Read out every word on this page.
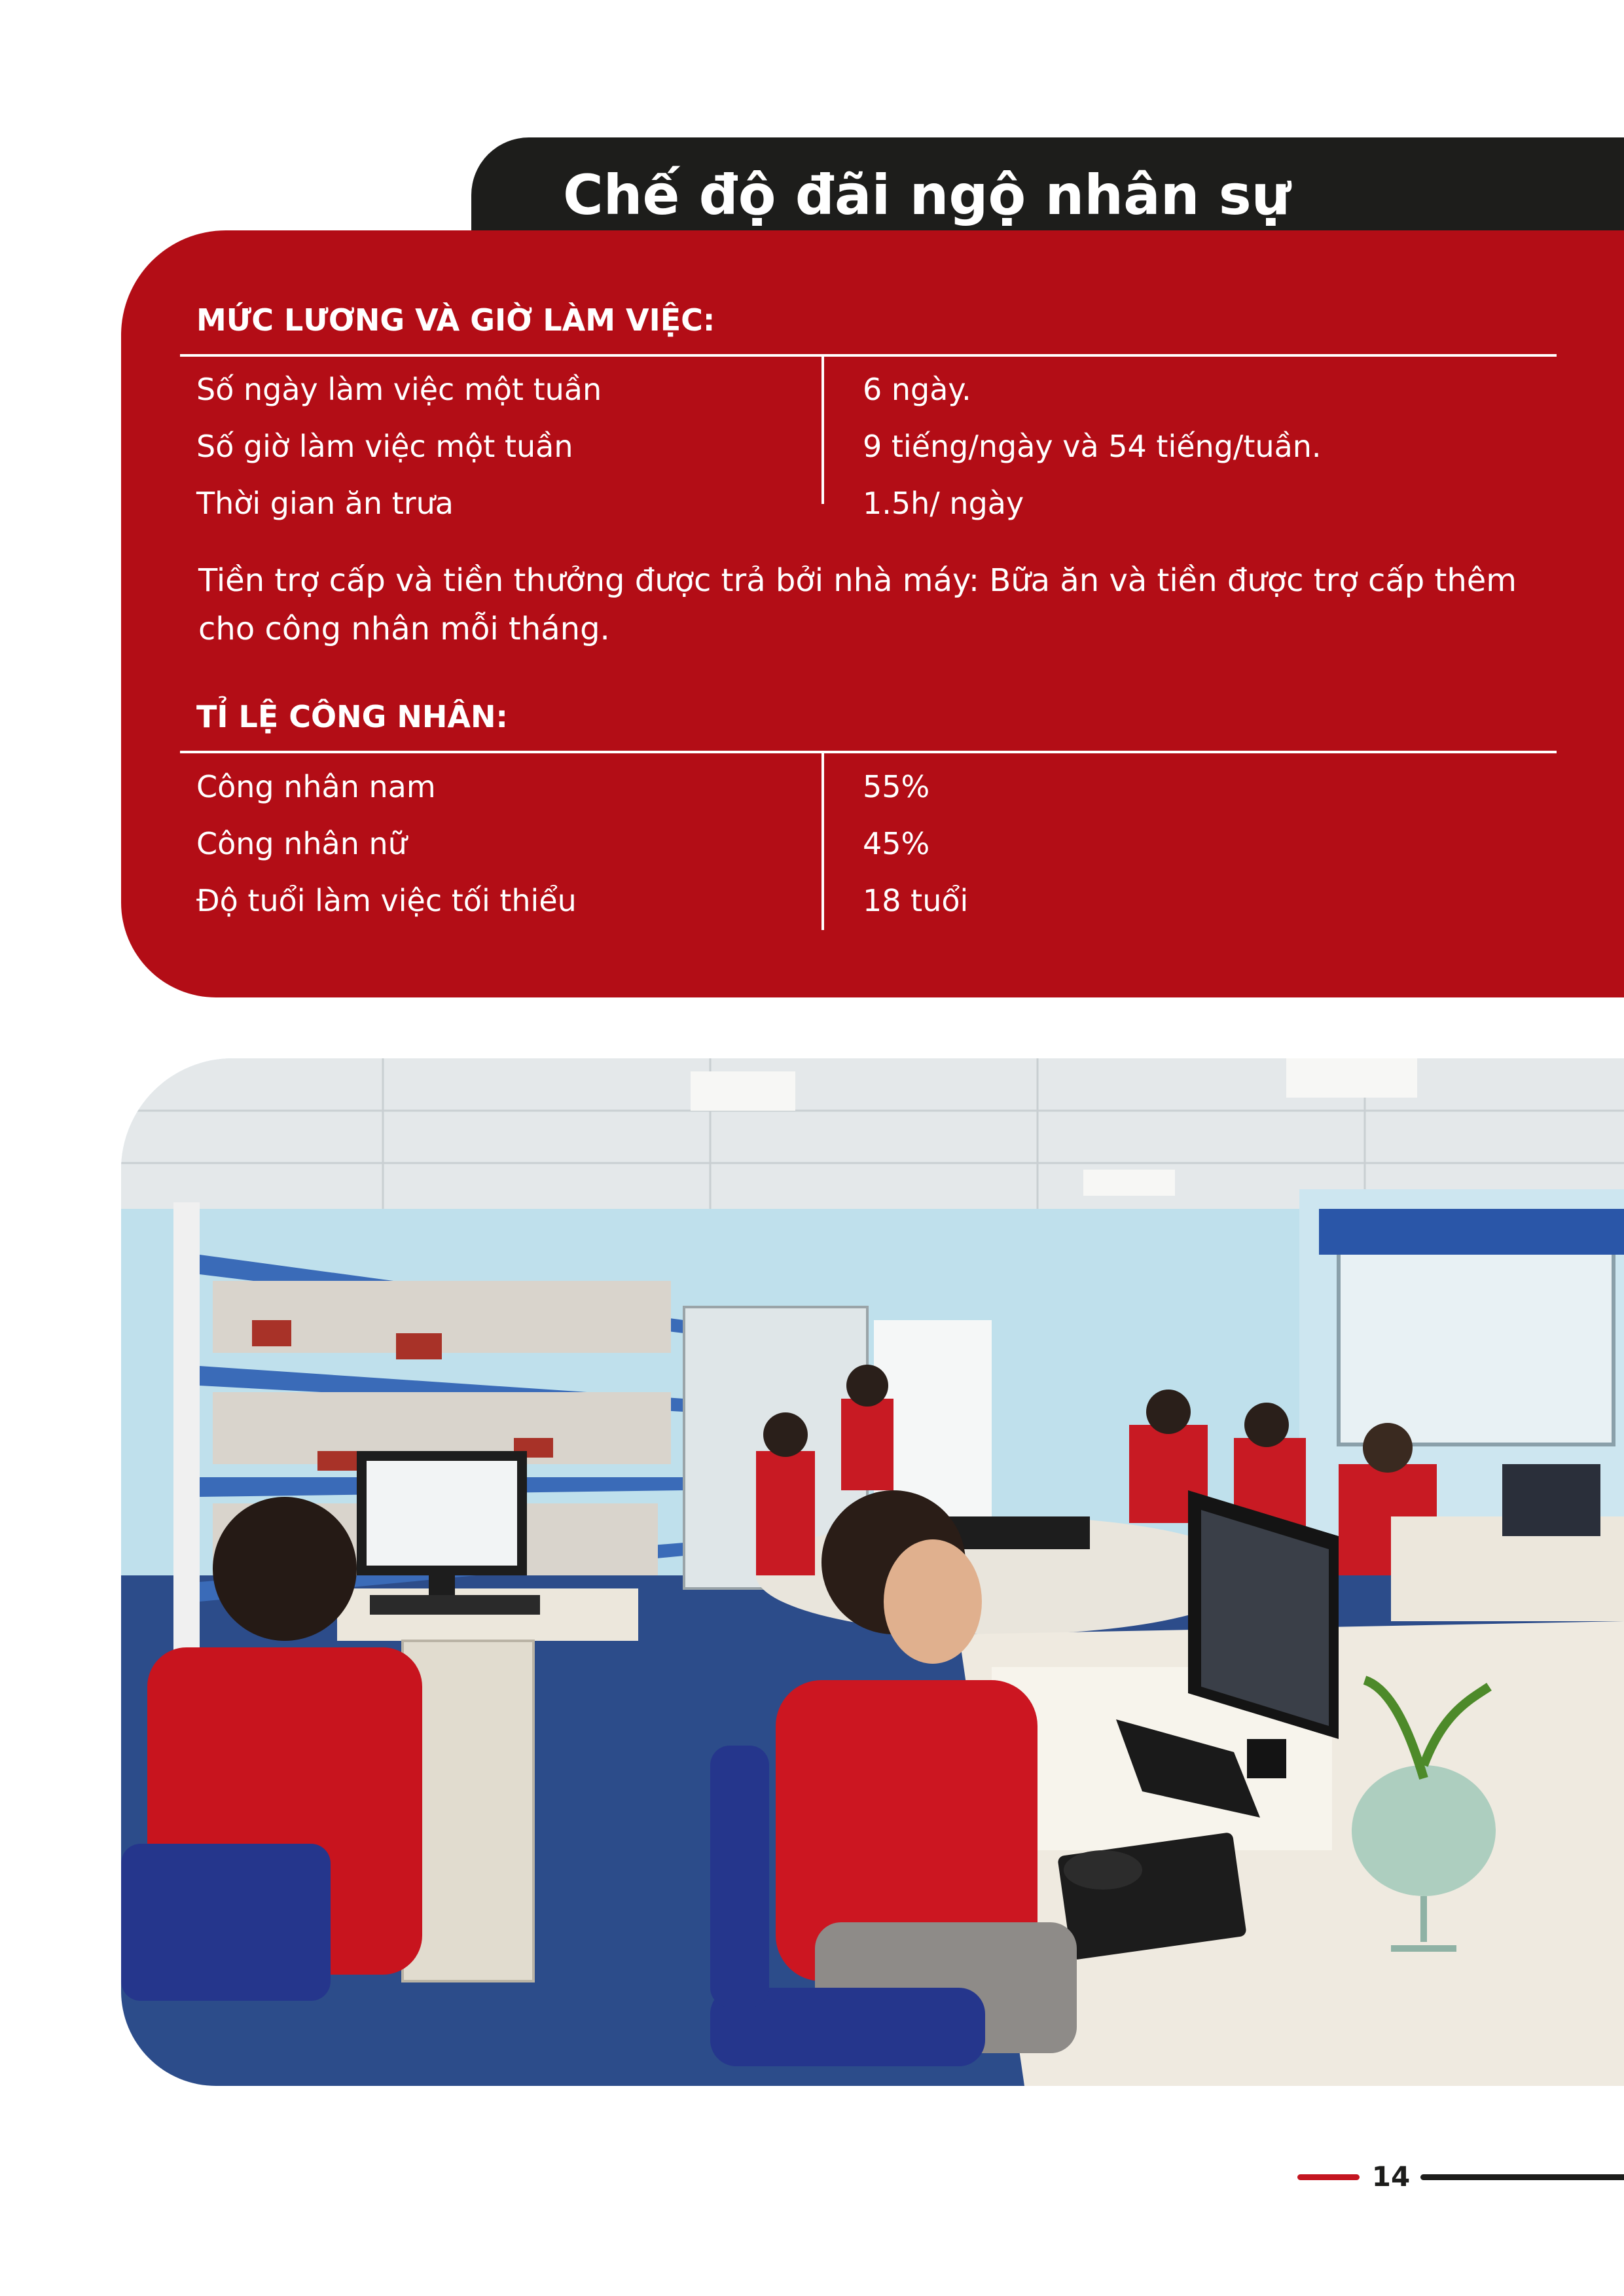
Chế độ đãi ngộ nhân sự
MỨC LƯƠNG VÀ GIỜ LÀM VIỆC:
Số ngày làm việc một tuần	6 ngày.
Số giờ làm việc một tuần	9 tiếng/ngày và 54 tiếng/tuần.
Thời gian ăn trưa	1.5h/ ngày
Tiền trợ cấp và tiền thưởng được trả bởi nhà máy: Bữa ăn và tiền được trợ cấp thêm cho công nhân mỗi tháng.
TỈ LỆ CÔNG NHÂN:
Công nhân nam	55%
Công nhân nữ	45%
Độ tuổi làm việc tối thiểu	18 tuổi
14
